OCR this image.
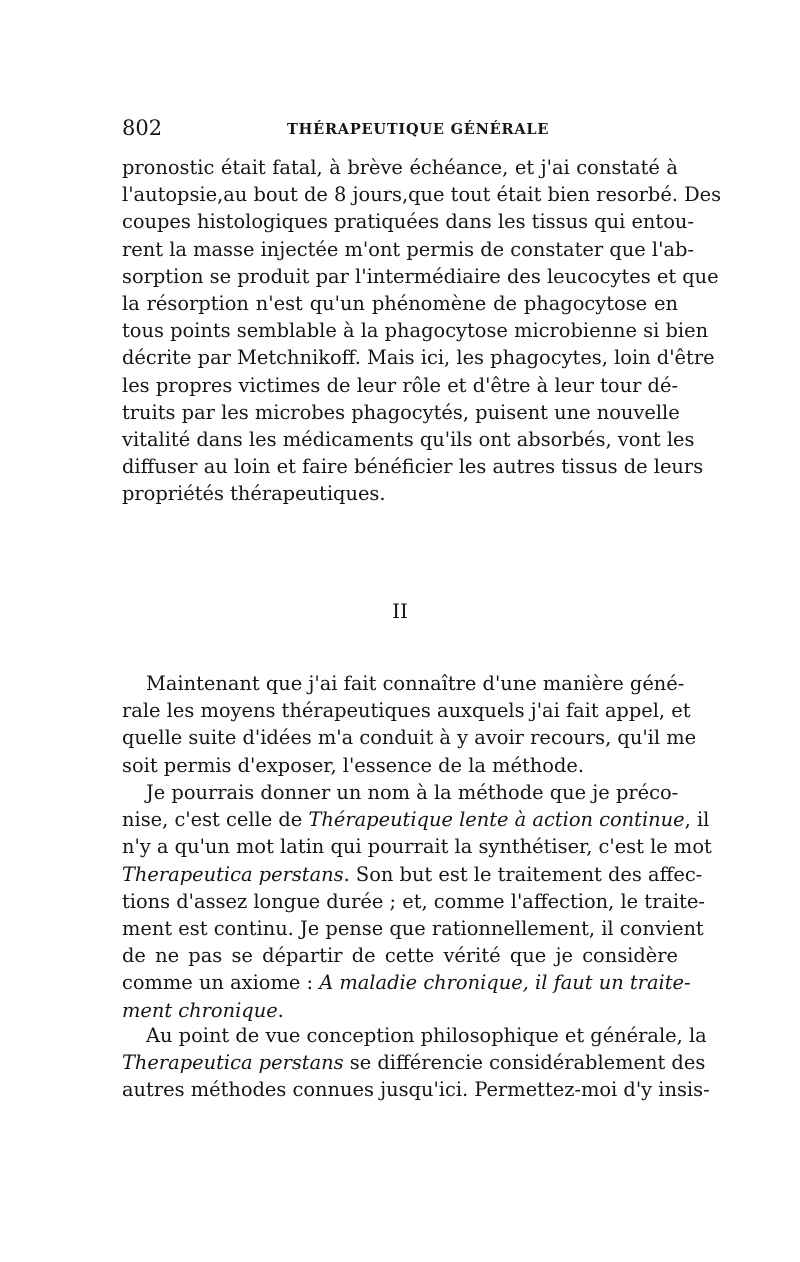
802	THÉRAPEUTIQUE GÉNÉRALE
pronostic était fatal, à brève échéance, et j'ai constaté à
l'autopsie,au bout de 8 jours,que tout était bien resorbé. Des
coupes histologiques pratiquées dans les tissus qui entou-
rent la masse injectée m'ont permis de constater que l'ab-
sorption se produit par l'intermédiaire des leucocytes et que
la résorption n'est qu'un phénomène de phagocytose en
tous points semblable à la phagocytose microbienne si bien
décrite par Metchnikoff. Mais ici, les phagocytes, loin d'être
les propres victimes de leur rôle et d'être à leur tour dé-
truits par les microbes phagocytés, puisent une nouvelle
vitalité dans les médicaments qu'ils ont absorbés, vont les
diffuser au loin et faire bénéficier les autres tissus de leurs
propriétés thérapeutiques.
II
Maintenant que j'ai fait connaître d'une manière géné-
rale les moyens thérapeutiques auxquels j'ai fait appel, et
quelle suite d'idées m'a conduit à y avoir recours, qu'il me
soit permis d'exposer, l'essence de la méthode.
Je pourrais donner un nom à la méthode que je préco-
nise, c'est celle de Thérapeutique lente à action continue, il
n'y a qu'un mot latin qui pourrait la synthétiser, c'est le mot
Therapeutica perstans. Son but est le traitement des affec-
tions d'assez longue durée ; et, comme l'affection, le traite-
ment est continu. Je pense que rationnellement, il convient
de ne pas se départir de cette vérité que je considère
comme un axiome : A maladie chronique, il faut un traite-
ment chronique.
Au point de vue conception philosophique et générale, la
Therapeutica perstans se différencie considérablement des
autres méthodes connues jusqu'ici. Permettez-moi d'y insis-
